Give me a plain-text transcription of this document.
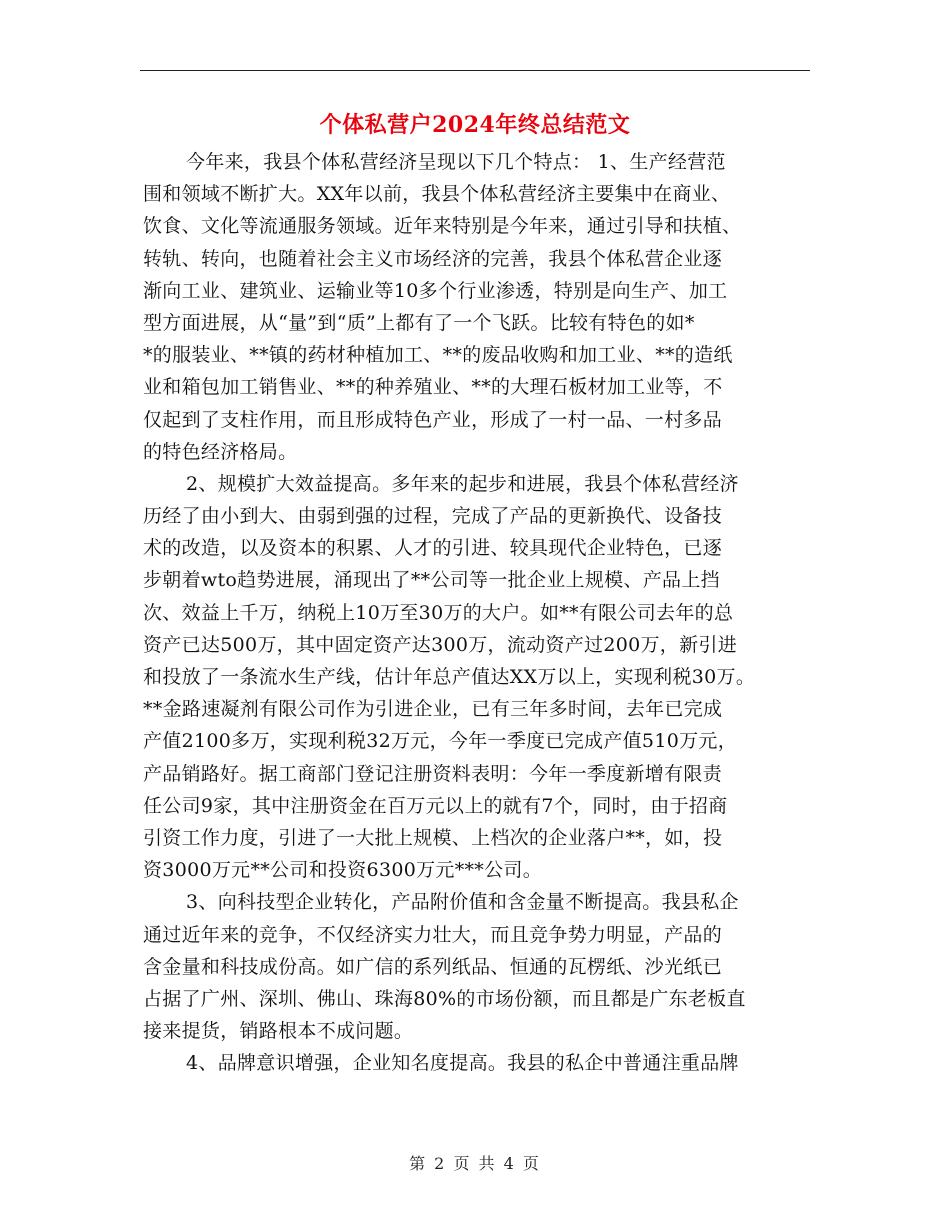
个体私营户2024年终总结范文
今年来，我县个体私营经济呈现以下几个特点： 1、生产经营范
围和领域不断扩大。XX年以前，我县个体私营经济主要集中在商业、
饮食、文化等流通服务领域。近年来特别是今年来，通过引导和扶植、
转轨、转向，也随着社会主义市场经济的完善，我县个体私营企业逐
渐向工业、建筑业、运输业等10多个行业渗透，特别是向生产、加工
型方面进展，从“量”到“质”上都有了一个飞跃。比较有特色的如*
*的服装业、**镇的药材种植加工、**的废品收购和加工业、**的造纸
业和箱包加工销售业、**的种养殖业、**的大理石板材加工业等，不
仅起到了支柱作用，而且形成特色产业，形成了一村一品、一村多品
的特色经济格局。
2、规模扩大效益提高。多年来的起步和进展，我县个体私营经济
历经了由小到大、由弱到强的过程，完成了产品的更新换代、设备技
术的改造，以及资本的积累、人才的引进、较具现代企业特色，已逐
步朝着wto趋势进展，涌现出了**公司等一批企业上规模、产品上挡
次、效益上千万，纳税上10万至30万的大户。如**有限公司去年的总
资产已达500万，其中固定资产达300万，流动资产过200万，新引进
和投放了一条流水生产线，估计年总产值达XX万以上，实现利税30万。
**金路速凝剂有限公司作为引进企业，已有三年多时间，去年已完成
产值2100多万，实现利税32万元，今年一季度已完成产值510万元，
产品销路好。据工商部门登记注册资料表明：今年一季度新增有限责
任公司9家，其中注册资金在百万元以上的就有7个，同时，由于招商
引资工作力度，引进了一大批上规模、上档次的企业落户**，如，投
资3000万元**公司和投资6300万元***公司。
3、向科技型企业转化，产品附价值和含金量不断提高。我县私企
通过近年来的竞争，不仅经济实力壮大，而且竞争势力明显，产品的
含金量和科技成份高。如广信的系列纸品、恒通的瓦楞纸、沙光纸已
占据了广州、深圳、佛山、珠海80%的市场份额，而且都是广东老板直
接来提货，销路根本不成问题。
4、品牌意识增强，企业知名度提高。我县的私企中普通注重品牌
第 2 页 共 4 页
